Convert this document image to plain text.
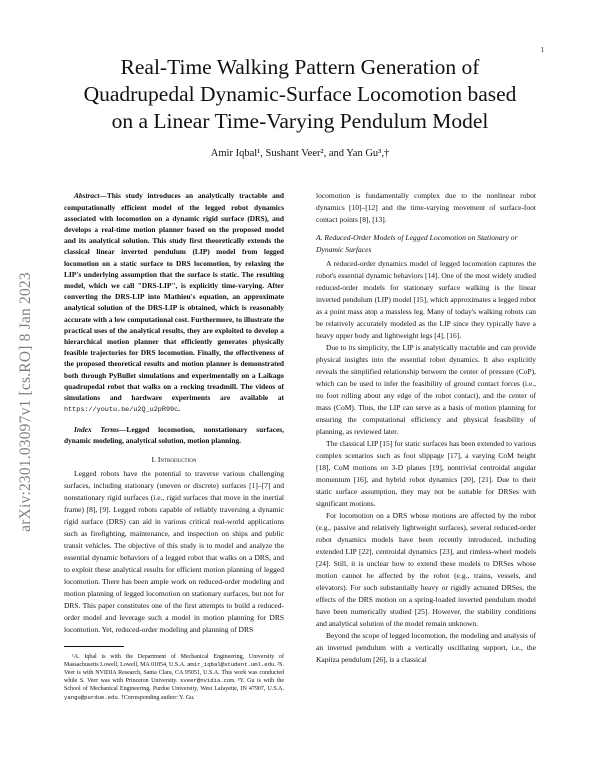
1
arXiv:2301.03097v1 [cs.RO] 8 Jan 2023
Real-Time Walking Pattern Generation of
Quadrupedal Dynamic-Surface Locomotion based
on a Linear Time-Varying Pendulum Model
Amir Iqbal¹, Sushant Veer², and Yan Gu³,†

Abstract—This study introduces an analytically tractable and computationally efficient model of the legged robot dynamics associated with locomotion on a dynamic rigid surface (DRS), and develops a real-time motion planner based on the proposed model and its analytical solution. This study first theoretically extends the classical linear inverted pendulum (LIP) model from legged locomotion on a static surface to DRS locomotion, by relaxing the LIP's underlying assumption that the surface is static. The resulting model, which we call "DRS-LIP", is explicitly time-varying. After converting the DRS-LIP into Mathieu's equation, an approximate analytical solution of the DRS-LIP is obtained, which is reasonably accurate with a low computational cost. Furthermore, to illustrate the practical uses of the analytical results, they are exploited to develop a hierarchical motion planner that efficiently generates physically feasible trajectories for DRS locomotion. Finally, the effectiveness of the proposed theoretical results and motion planner is demonstrated both through PyBullet simulations and experimentally on a Laikago quadrupedal robot that walks on a rocking treadmill. The videos of simulations and hardware experiments are available at https://youtu.be/u2Q_u2pR99c.

Index Terms—Legged locomotion, nonstationary surfaces, dynamic modeling, analytical solution, motion planning.

I. Introduction

Legged robots have the potential to traverse various challenging surfaces, including stationary (uneven or discrete) surfaces [1]–[7] and nonstationary rigid surfaces (i.e., rigid surfaces that move in the inertial frame) [8], [9]. Legged robots capable of reliably traversing a dynamic rigid surface (DRS) can aid in various critical real-world applications such as firefighting, maintenance, and inspection on ships and public transit vehicles. The objective of this study is to model and analyze the essential dynamic behaviors of a legged robot that walks on a DRS, and to exploit these analytical results for efficient motion planning of legged locomotion. There has been ample work on reduced-order modeling and motion planning of legged locomotion on stationary surfaces, but not for DRS. This paper constitutes one of the first attempts to build a reduced-order model and leverage such a model in motion planning for DRS locomotion. Yet, reduced-order modeling and planning of DRS

¹A. Iqbal is with the Department of Mechanical Engineering, University of Massachusetts Lowell, Lowell, MA 01854, U.S.A. amir_iqbal@student.uml.edu. ²S. Veer is with NVIDIA Research, Santa Clara, CA 95051, U.S.A. This work was conducted while S. Veer was with Princeton University. sveer@nvidia.com. ³Y. Gu is with the School of Mechanical Engineering, Purdue University, West Lafayette, IN 47907, U.S.A. yangu@purdue.edu. †Corresponding author: Y. Gu.

locomotion is fundamentally complex due to the nonlinear robot dynamics [10]–[12] and the time-varying movement of surface-foot contact points [8], [13].

A. Reduced-Order Models of Legged Locomotion on Stationary or Dynamic Surfaces

A reduced-order dynamics model of legged locomotion captures the robot's essential dynamic behaviors [14]. One of the most widely studied reduced-order models for stationary surface walking is the linear inverted pendulum (LIP) model [15], which approximates a legged robot as a point mass atop a massless leg. Many of today's walking robots can be relatively accurately modeled as the LIP since they typically have a heavy upper body and lightweight legs [4], [16].

Due to its simplicity, the LIP is analytically tractable and can provide physical insights into the essential robot dynamics. It also explicitly reveals the simplified relationship between the center of pressure (CoP), which can be used to infer the feasibility of ground contact forces (i.e., no foot rolling about any edge of the robot contact), and the center of mass (CoM). Thus, the LIP can serve as a basis of motion planning for ensuring the computational efficiency and physical feasibility of planning, as reviewed later.

The classical LIP [15] for static surfaces has been extended to various complex scenarios such as foot slippage [17], a varying CoM height [18], CoM motions on 3-D planes [19], nontrivial centroidal angular momentum [16], and hybrid robot dynamics [20], [21]. Due to their static surface assumption, they may not be suitable for DRSes with significant motions.

For locomotion on a DRS whose motions are affected by the robot (e.g., passive and relatively lightweight surfaces), several reduced-order robot dynamics models have been recently introduced, including extended LIP [22], centroidal dynamics [23], and rimless-wheel models [24]. Still, it is unclear how to extend these models to DRSes whose motion cannot be affected by the robot (e.g., trains, vessels, and elevators). For such substantially heavy or rigidly actuated DRSes, the effects of the DRS motion on a spring-loaded inverted pendulum model have been numerically studied [25]. However, the stability conditions and analytical solution of the model remain unknown.

Beyond the scope of legged locomotion, the modeling and analysis of an inverted pendulum with a vertically oscillating support, i.e., the Kapitza pendulum [26], is a classical
